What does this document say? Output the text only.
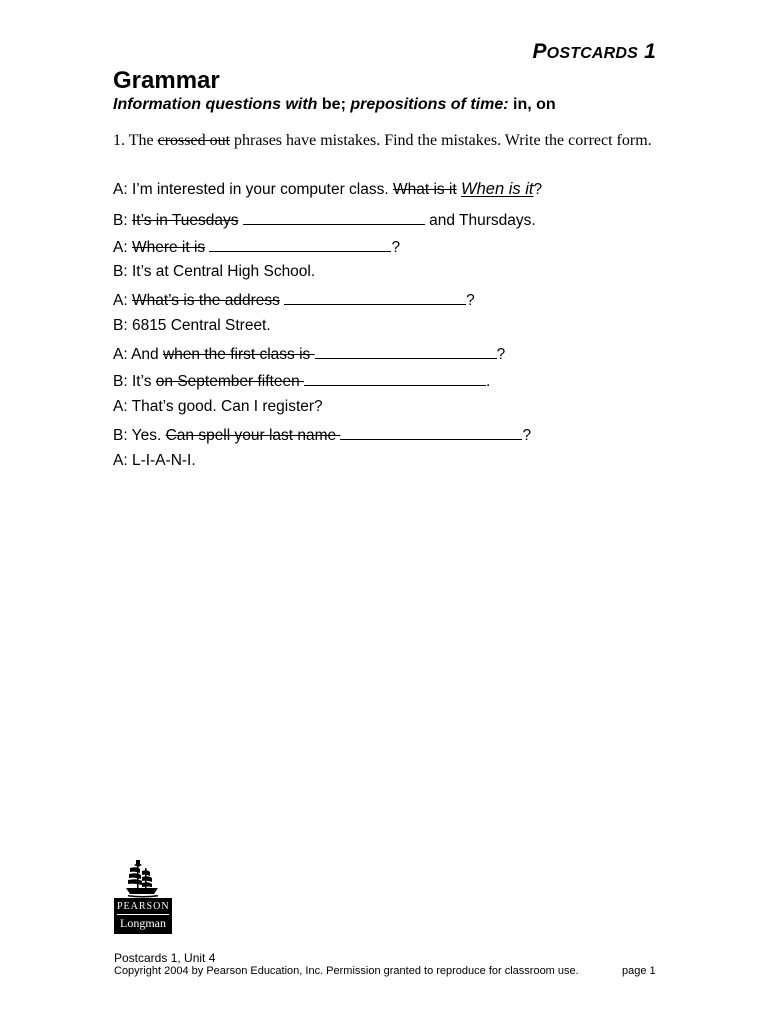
POSTCARDS 1
Grammar
Information questions with be; prepositions of time: in, on
1. The crossed out phrases have mistakes. Find the mistakes. Write the correct form.
A: I’m interested in your computer class. What is it When is it?
B: It’s in Tuesdays	and Thursdays.
A: Where it is	?
B: It’s at Central High School.
A: What’s is the address	?
B: 6815 Central Street.
A: And when the first class is	?
B: It’s on September fifteen	.
A: That’s good. Can I register?
B: Yes. Can spell your last name	?
A: L-I-A-N-I.
PEARSON
Longman
Postcards 1, Unit 4
Copyright 2004 by Pearson Education, Inc. Permission granted to reproduce for classroom use.	page 1
